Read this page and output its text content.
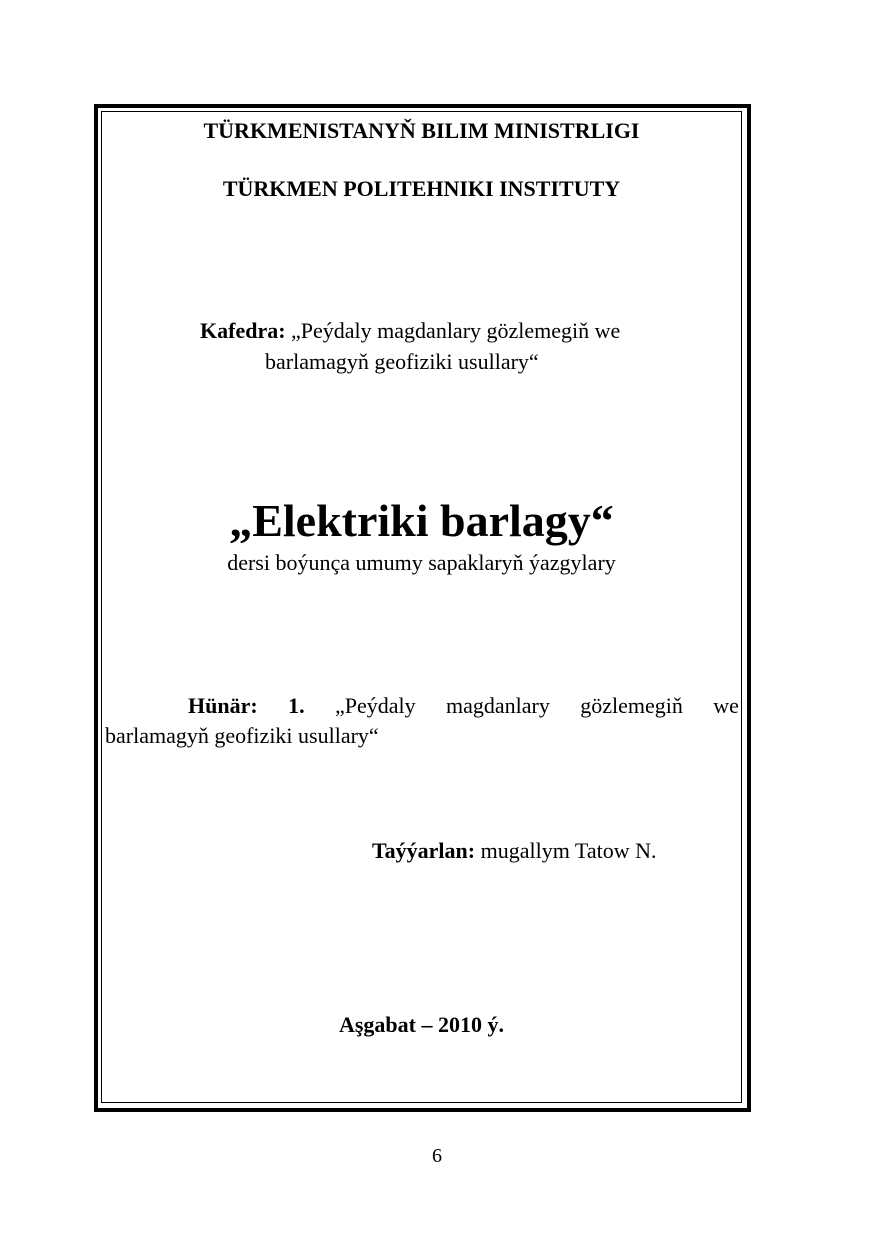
TÜRKMENISTANYŇ BILIM MINISTRLIGI
TÜRKMEN POLITEHNIKI INSTITUTY
Kafedra: „Peýdaly magdanlary gözlemegiň we
barlamagyň geofiziki usullary“
„Elektriki barlagy“
dersi boýunça umumy sapaklaryň ýazgylary
Hünär: 1. „Peýdaly magdanlary gözlemegiň we
barlamagyň geofiziki usullary“
Taýýarlan: mugallym Tatow N.
Aşgabat – 2010 ý.
6
